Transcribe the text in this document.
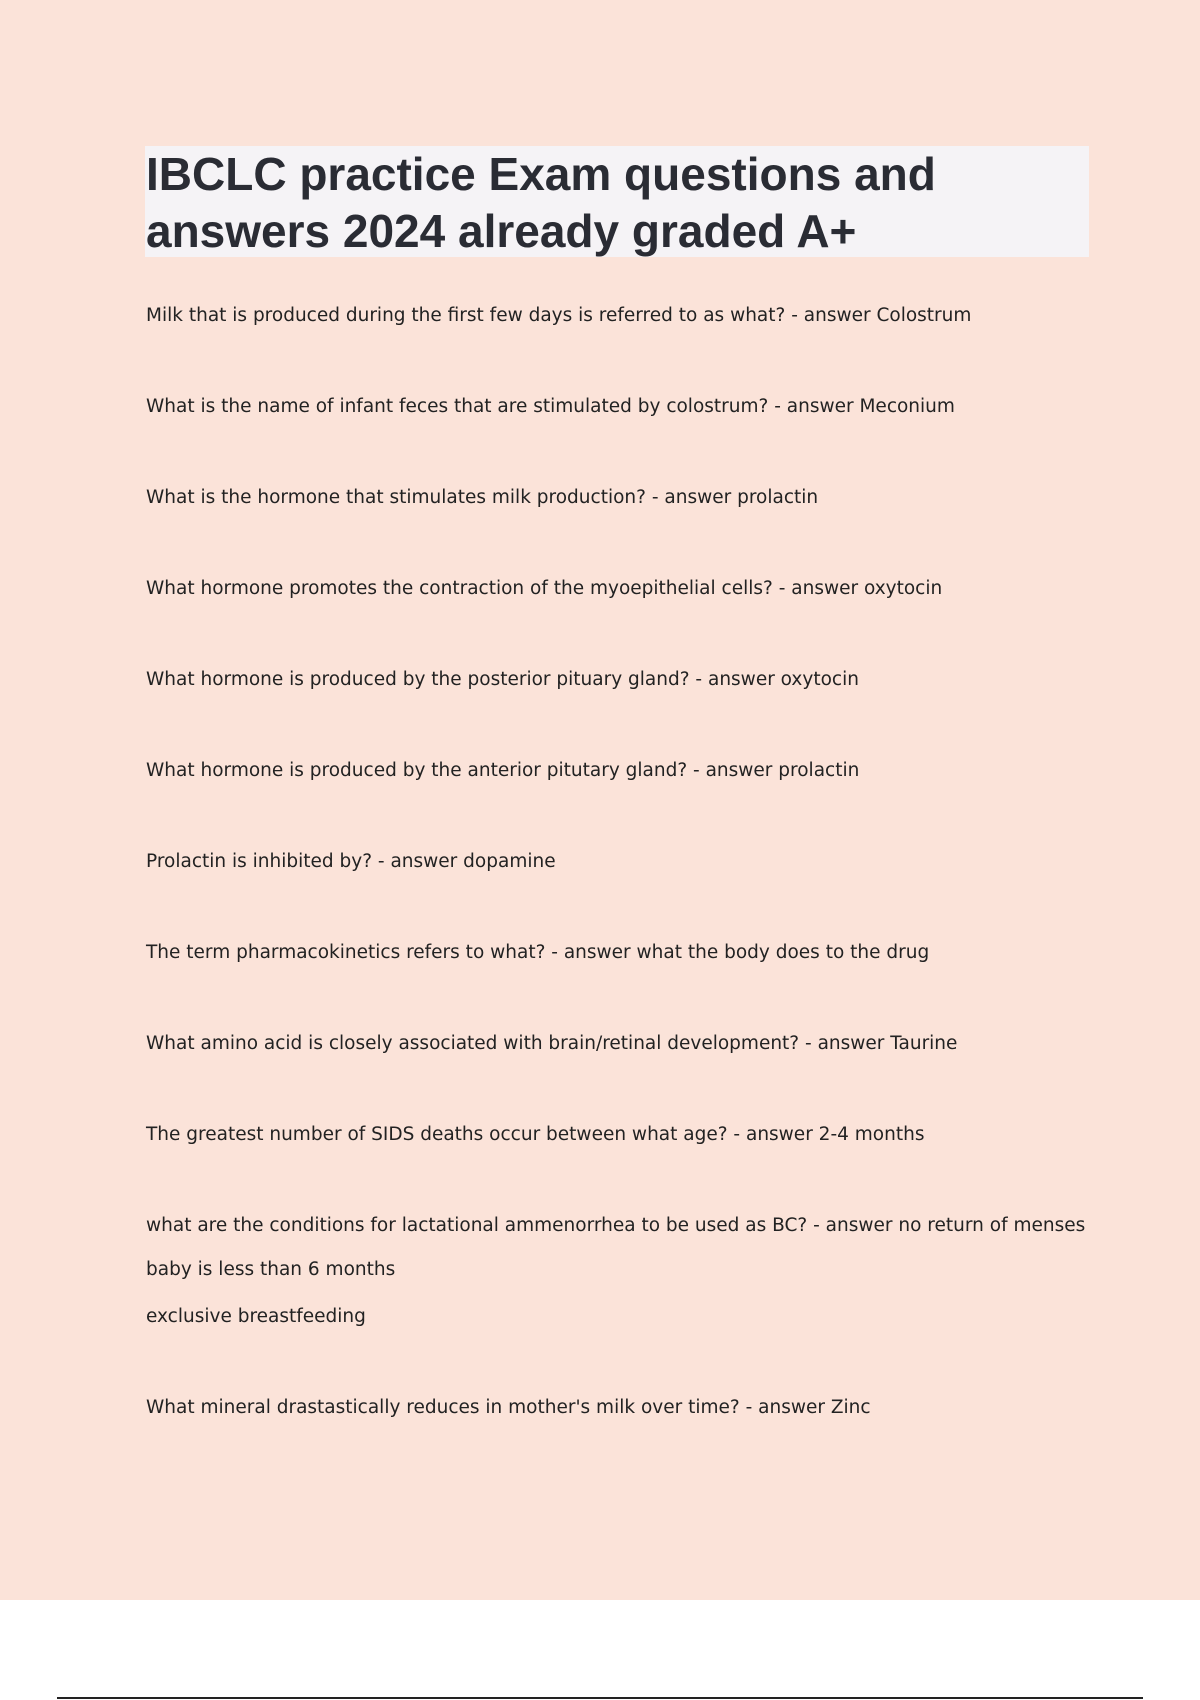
IBCLC practice Exam questions and answers 2024 already graded A+

Milk that is produced during the first few days is referred to as what? - answer Colostrum

What is the name of infant feces that are stimulated by colostrum? - answer Meconium

What is the hormone that stimulates milk production? - answer prolactin

What hormone promotes the contraction of the myoepithelial cells? - answer oxytocin

What hormone is produced by the posterior pituary gland? - answer oxytocin

What hormone is produced by the anterior pitutary gland? - answer prolactin

Prolactin is inhibited by? - answer dopamine

The term pharmacokinetics refers to what? - answer what the body does to the drug

What amino acid is closely associated with brain/retinal development? - answer Taurine

The greatest number of SIDS deaths occur between what age? - answer 2-4 months

what are the conditions for lactational ammenorrhea to be used as BC? - answer no return of menses

baby is less than 6 months

exclusive breastfeeding

What mineral drastastically reduces in mother's milk over time? - answer Zinc
